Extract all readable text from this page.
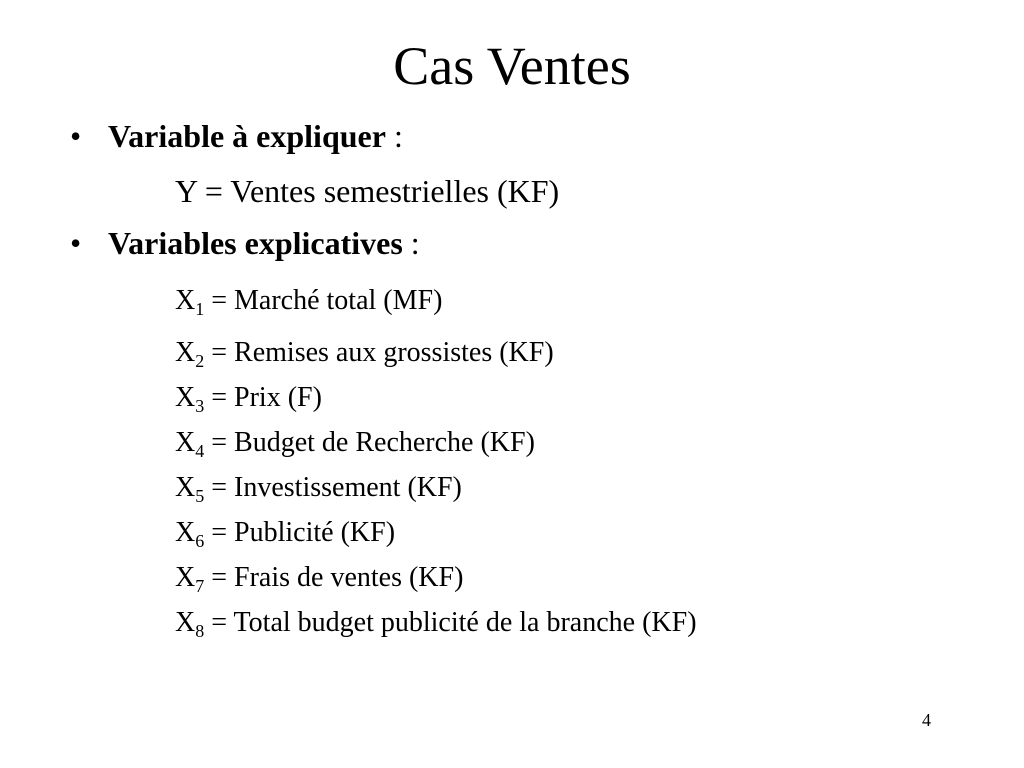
Cas Ventes
• Variable à expliquer :
Y = Ventes semestrielles (KF)
• Variables explicatives :
$X_1$ = Marché total (MF)
$X_2$ = Remises aux grossistes (KF)
$X_3$ = Prix (F)
$X_4$ = Budget de Recherche (KF)
$X_5$ = Investissement (KF)
$X_6$ = Publicité (KF)
$X_7$ = Frais de ventes (KF)
$X_8$ = Total budget publicité de la branche (KF)
4
